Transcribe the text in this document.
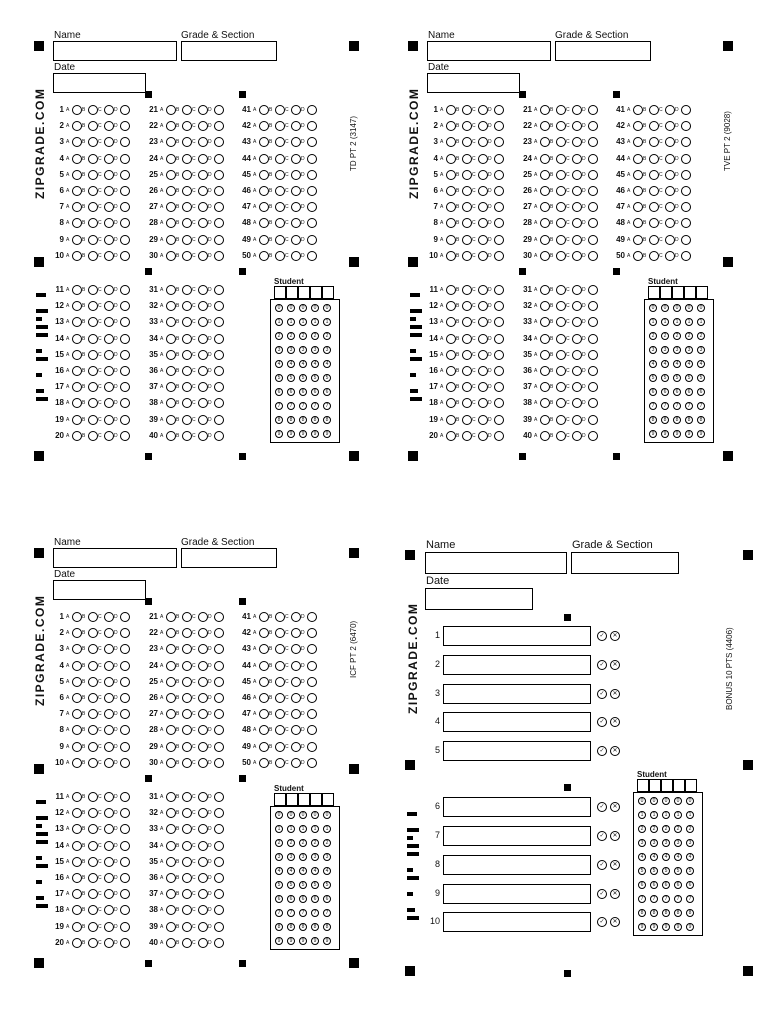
Name	Grade & Section
Date
ZIPGRADE.COM	TD PT 2 (3147)
1 A	B	C D	21 A	B	C D	41 A	B	C D
2 A	B	C D	22 A	B	C D	42 A	B	C D
3 A	B	C D	23 A	B	C D	43 A	B	C D
4 A	B	C D	24 A	B	C D	44 A	B	C D
5 A	B	C D	25 A	B	C D	45 A	B	C D
6 A	B	C D	26 A	B	C D	46 A	B	C D
7 A	B	C D	27 A	B	C D	47 A	B	C D
8 A	B	C D	28 A	B	C D	48 A	B	C D
9 A	B	C D	29 A	B	C D	49 A	B	C D
10 A	B	C D	30 A	B	C D	50 A	B	C D
11 A	B	C D	31 A	B	C D
12 A	B	C D	32 A	B	C D
13 A	B	C D	33 A	B	C D
14 A	B	C D	34 A	B	C D
15 A	B	C D	35 A	B	C D
16 A	B	C D	36 A	B	C D
17 A	B	C D	37 A	B	C D
18 A	B	C D	38 A	B	C D
19 A	B	C D	39 A	B	C D
20 A	B	C D	40 A	B	C D
Student
0	0	0	0	0
1	1	1	1	1
2	2	2	2	2
3	3	3	3	3
4	4	4	4	4
5	5	5	5	5
6	6	6	6	6
7	7	7	7	7
8	8	8	8	8
9	9	9	9	9
Name	Grade & Section
Date
ZIPGRADE.COM	TVE PT 2 (9028)
1 A	B	C D	21 A	B	C D	41 A	B	C D
2 A	B	C D	22 A	B	C D	42 A	B	C D
3 A	B	C D	23 A	B	C D	43 A	B	C D
4 A	B	C D	24 A	B	C D	44 A	B	C D
5 A	B	C D	25 A	B	C D	45 A	B	C D
6 A	B	C D	26 A	B	C D	46 A	B	C D
7 A	B	C D	27 A	B	C D	47 A	B	C D
8 A	B	C D	28 A	B	C D	48 A	B	C D
9 A	B	C D	29 A	B	C D	49 A	B	C D
10 A	B	C D	30 A	B	C D	50 A	B	C D
11 A	B	C D	31 A	B	C D
12 A	B	C D	32 A	B	C D
13 A	B	C D	33 A	B	C D
14 A	B	C D	34 A	B	C D
15 A	B	C D	35 A	B	C D
16 A	B	C D	36 A	B	C D
17 A	B	C D	37 A	B	C D
18 A	B	C D	38 A	B	C D
19 A	B	C D	39 A	B	C D
20 A	B	C D	40 A	B	C D
Student
0	0	0	0	0
1	1	1	1	1
2	2	2	2	2
3	3	3	3	3
4	4	4	4	4
5	5	5	5	5
6	6	6	6	6
7	7	7	7	7
8	8	8	8	8
9	9	9	9	9
Name	Grade & Section
Date
ZIPGRADE.COM	ICF PT 2 (6470)
1 A	B	C D	21 A	B	C D	41 A	B	C D
2 A	B	C D	22 A	B	C D	42 A	B	C D
3 A	B	C D	23 A	B	C D	43 A	B	C D
4 A	B	C D	24 A	B	C D	44 A	B	C D
5 A	B	C D	25 A	B	C D	45 A	B	C D
6 A	B	C D	26 A	B	C D	46 A	B	C D
7 A	B	C D	27 A	B	C D	47 A	B	C D
8 A	B	C D	28 A	B	C D	48 A	B	C D
9 A	B	C D	29 A	B	C D	49 A	B	C D
10 A	B	C D	30 A	B	C D	50 A	B	C D
11 A	B	C D	31 A	B	C D
12 A	B	C D	32 A	B	C D
13 A	B	C D	33 A	B	C D
14 A	B	C D	34 A	B	C D
15 A	B	C D	35 A	B	C D
16 A	B	C D	36 A	B	C D
17 A	B	C D	37 A	B	C D
18 A	B	C D	38 A	B	C D
19 A	B	C D	39 A	B	C D
20 A	B	C D	40 A	B	C D
Student
0	0	0	0	0
1	1	1	1	1
2	2	2	2	2
3	3	3	3	3
4	4	4	4	4
5	5	5	5	5
6	6	6	6	6
7	7	7	7	7
8	8	8	8	8
9	9	9	9	9
Name	Grade & Section
Date
ZIPGRADE.COM	BONUS 10 PTS (4406)
1	✓	✕
2	✓	✕
3	✓	✕
4	✓	✕
5	✓	✕
6	✓	✕
7	✓	✕
8	✓	✕
9	✓	✕
10	✓	✕
Student
0	0	0	0	0
1	1	1	1	1
2	2	2	2	2
3	3	3	3	3
4	4	4	4	4
5	5	5	5	5
6	6	6	6	6
7	7	7	7	7
8	8	8	8	8
9	9	9	9	9
